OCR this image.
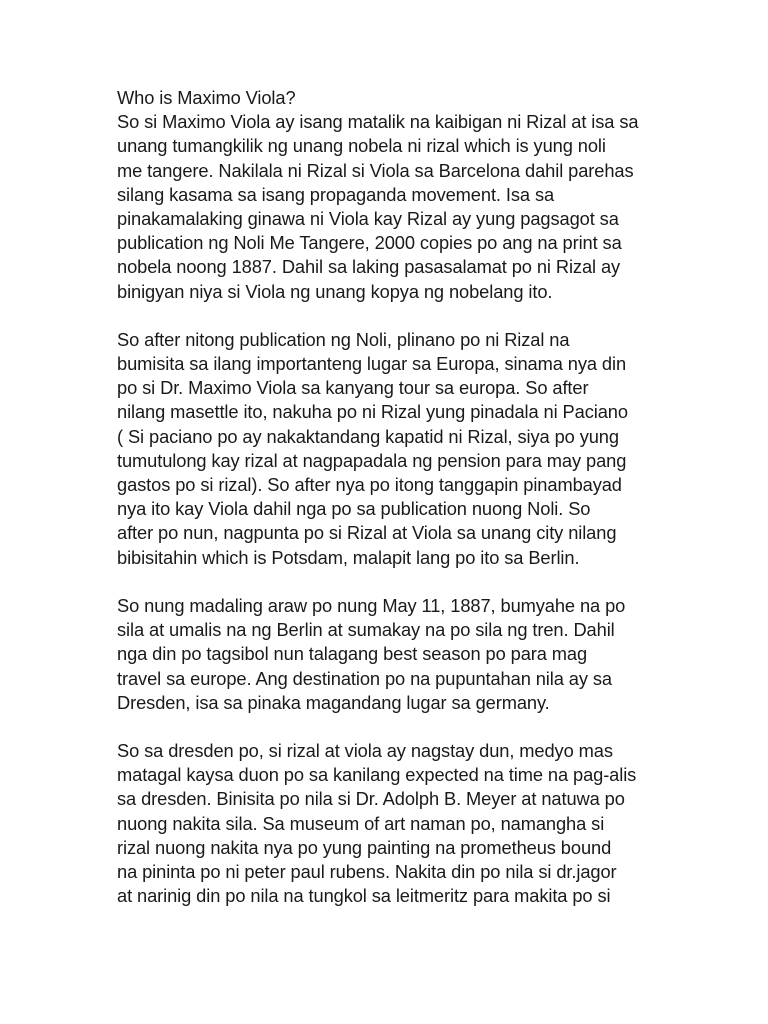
Who is Maximo Viola?
So si Maximo Viola ay isang matalik na kaibigan ni Rizal at isa sa
unang tumangkilik ng unang nobela ni rizal which is yung noli
me tangere. Nakilala ni Rizal si Viola sa Barcelona dahil parehas
silang kasama sa isang propaganda movement. Isa sa
pinakamalaking ginawa ni Viola kay Rizal ay yung pagsagot sa
publication ng Noli Me Tangere, 2000 copies po ang na print sa
nobela noong 1887. Dahil sa laking pasasalamat po ni Rizal ay
binigyan niya si Viola ng unang kopya ng nobelang ito.
So after nitong publication ng Noli, plinano po ni Rizal na
bumisita sa ilang importanteng lugar sa Europa, sinama nya din
po si Dr. Maximo Viola sa kanyang tour sa europa. So after
nilang masettle ito, nakuha po ni Rizal yung pinadala ni Paciano
( Si paciano po ay nakaktandang kapatid ni Rizal, siya po yung
tumutulong kay rizal at nagpapadala ng pension para may pang
gastos po si rizal). So after nya po itong tanggapin pinambayad
nya ito kay Viola dahil nga po sa publication nuong Noli. So
after po nun, nagpunta po si Rizal at Viola sa unang city nilang
bibisitahin which is Potsdam, malapit lang po ito sa Berlin.
So nung madaling araw po nung May 11, 1887, bumyahe na po
sila at umalis na ng Berlin at sumakay na po sila ng tren. Dahil
nga din po tagsibol nun talagang best season po para mag
travel sa europe. Ang destination po na pupuntahan nila ay sa
Dresden, isa sa pinaka magandang lugar sa germany.
So sa dresden po, si rizal at viola ay nagstay dun, medyo mas
matagal kaysa duon po sa kanilang expected na time na pag-alis
sa dresden. Binisita po nila si Dr. Adolph B. Meyer at natuwa po
nuong nakita sila. Sa museum of art naman po, namangha si
rizal nuong nakita nya po yung painting na prometheus bound
na pininta po ni peter paul rubens. Nakita din po nila si dr.jagor
at narinig din po nila na tungkol sa leitmeritz para makita po si
